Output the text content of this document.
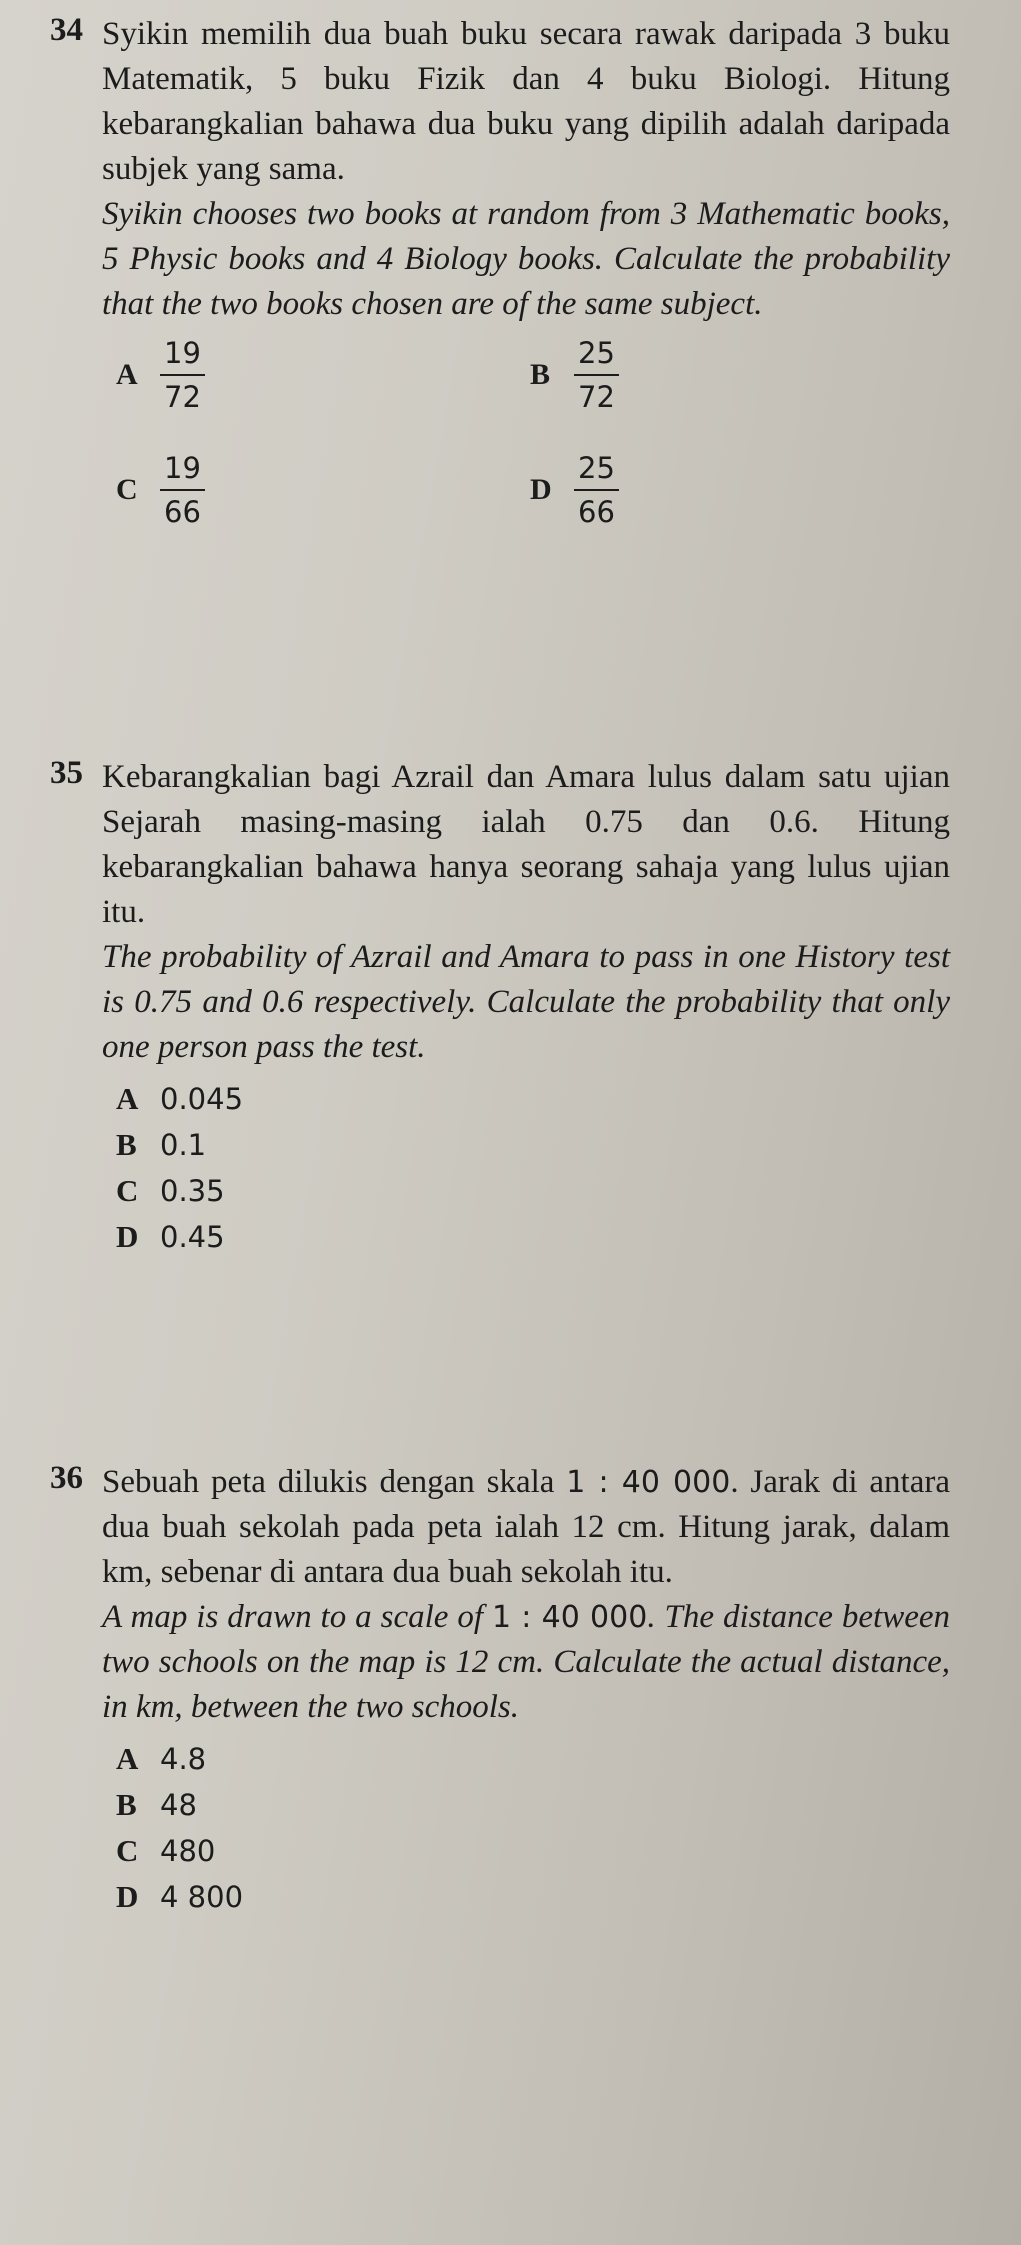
34 Syikin memilih dua buah buku secara rawak daripada 3 buku Matematik, 5 buku Fizik dan 4 buku Biologi. Hitung kebarangkalian bahawa dua buku yang dipilih adalah daripada subjek yang sama.
Syikin chooses two books at random from 3 Mathematic books, 5 Physic books and 4 Biology books. Calculate the probability that the two books chosen are of the same subject.
A $\frac{19}{72}$	B $\frac{25}{72}$
C $\frac{19}{66}$	D $\frac{25}{66}$
35 Kebarangkalian bagi Azrail dan Amara lulus dalam satu ujian Sejarah masing-masing ialah 0.75 dan 0.6. Hitung kebarangkalian bahawa hanya seorang sahaja yang lulus ujian itu.
The probability of Azrail and Amara to pass in one History test is 0.75 and 0.6 respectively. Calculate the probability that only one person pass the test.
A 0.045
B 0.1
C 0.35
D 0.45
36 Sebuah peta dilukis dengan skala 1 : 40 000. Jarak di antara dua buah sekolah pada peta ialah 12 cm. Hitung jarak, dalam km, sebenar di antara dua buah sekolah itu.
A map is drawn to a scale of 1 : 40 000. The distance between two schools on the map is 12 cm. Calculate the actual distance, in km, between the two schools.
A 4.8
B 48
C 480
D 4 800
